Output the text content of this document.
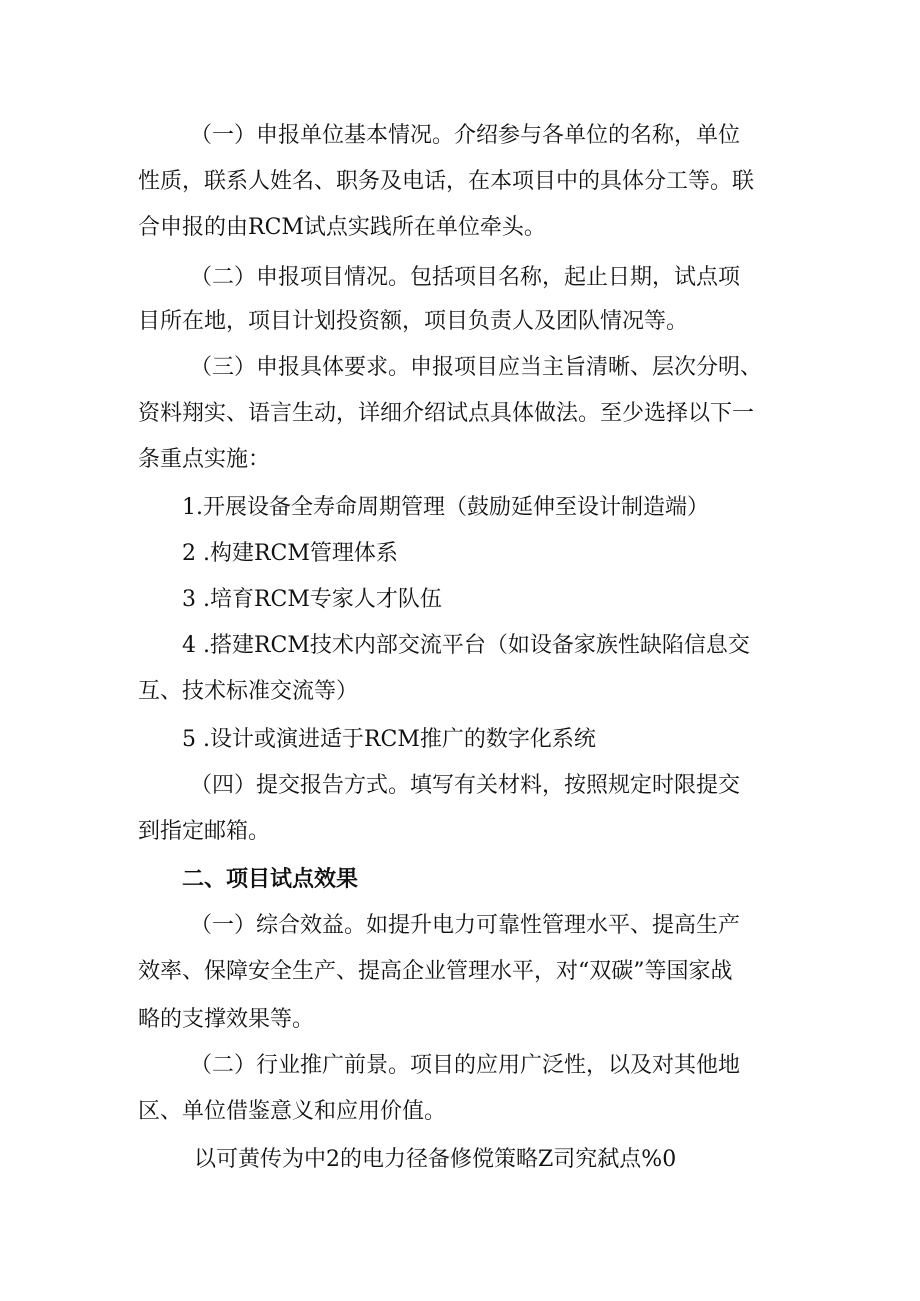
（一）申报单位基本情况。介绍参与各单位的名称，单位
性质，联系人姓名、职务及电话，在本项目中的具体分工等。联
合申报的由RCM试点实践所在单位牵头。
（二）申报项目情况。包括项目名称，起止日期，试点项
目所在地，项目计划投资额，项目负责人及团队情况等。
（三）申报具体要求。申报项目应当主旨清晰、层次分明、
资料翔实、语言生动，详细介绍试点具体做法。至少选择以下一
条重点实施：
1.开展设备全寿命周期管理（鼓励延伸至设计制造端）
2 .构建RCM管理体系
3 .培育RCM专家人才队伍
4 .搭建RCM技术内部交流平台（如设备家族性缺陷信息交
互、技术标准交流等）
5 .设计或演进适于RCM推广的数字化系统
（四）提交报告方式。填写有关材料，按照规定时限提交
到指定邮箱。
二、项目试点效果
（一）综合效益。如提升电力可靠性管理水平、提高生产
效率、保障安全生产、提高企业管理水平，对“双碳”等国家战
略的支撑效果等。
（二）行业推广前景。项目的应用广泛性，以及对其他地
区、单位借鉴意义和应用价值。
以可黄传为中2的电力径备修傥策略Z司究弑点%0
